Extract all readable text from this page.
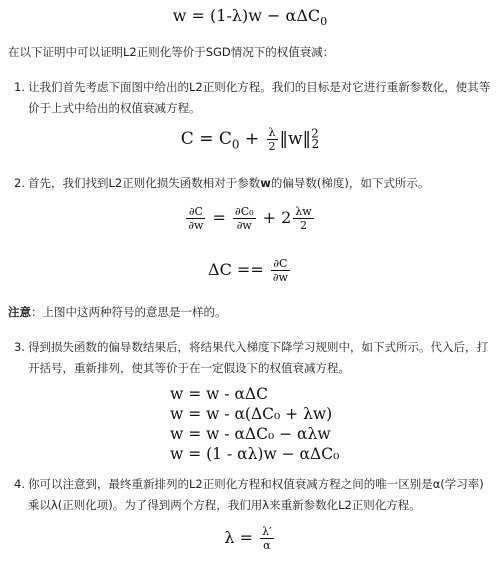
w = (1-λ)w − αΔC$_0$
在以下证明中可以证明L2正则化等价于SGD情况下的权值衰减：
1. 让我们首先考虑下面图中给出的L2正则化方程。我们的目标是对它进行重新参数化，使其等价于上式中给出的权值衰减方程。
$C = C_0 + \frac{\lambda}{2}$ ‖w‖$^2_2$
2. 首先，我们找到L2正则化损失函数相对于参数w的偏导数(梯度)，如下式所示。
$\frac{\partial C}{\partial w} = \frac{\text{∂C₀}}{\partial w} + 2 \frac{\lambda w}{2}$
$\Delta C == \frac{\partial C}{\partial w}$
注意：上图中这两种符号的意思是一样的。
3. 得到损失函数的偏导数结果后，将结果代入梯度下降学习规则中，如下式所示。代入后，打开括号，重新排列，使其等价于在一定假设下的权值衰减方程。
w = w - αΔC
w = w - α(ΔC₀ + λw)
w = w - αΔC₀ − αλw
w = (1 - αλ)w − αΔC₀
4. 你可以注意到，最终重新排列的L2正则化方程和权值衰减方程之间的唯一区别是α(学习率)乘以λ(正则化项)。为了得到两个方程，我们用λ来重新参数化L2正则化方程。
$\lambda = \frac{\lambda'}{\alpha}$
